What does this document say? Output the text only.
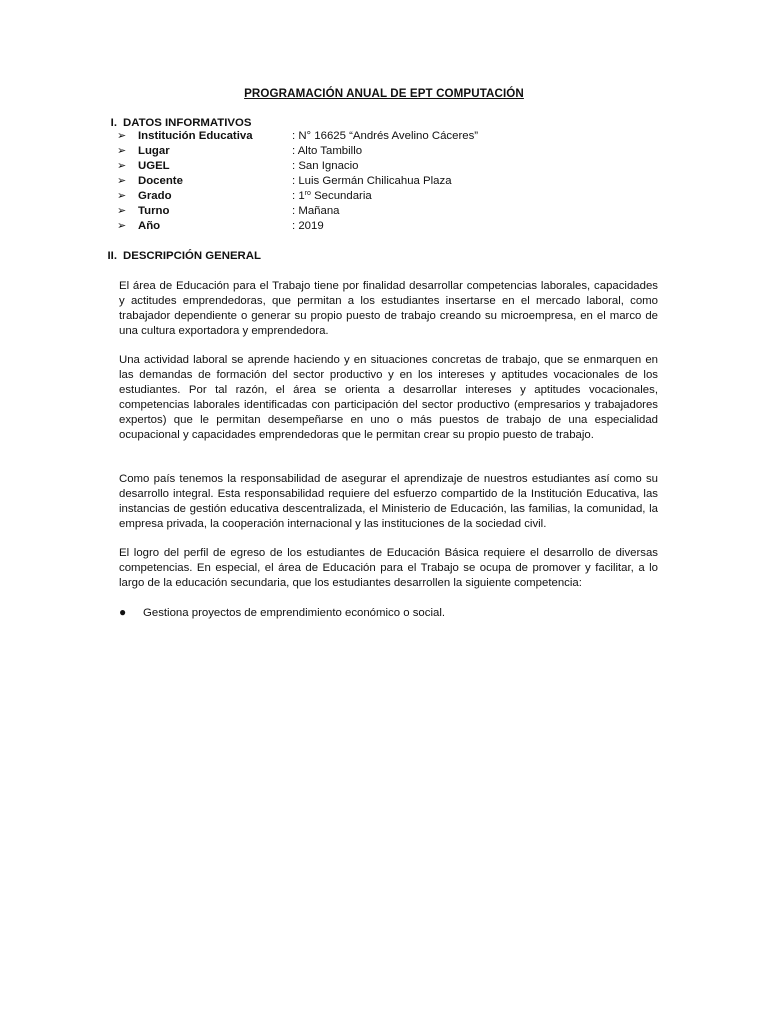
PROGRAMACIÓN ANUAL DE EPT COMPUTACIÓN
I. DATOS INFORMATIVOS
➢ Institución Educativa	: N° 16625 “Andrés Avelino Cáceres”
➢ Lugar	: Alto Tambillo
➢ UGEL	: San Ignacio
➢ Docente	: Luis Germán Chilicahua Plaza
➢ Grado	: $1^{ro}$ Secundaria
➢ Turno	: Mañana
➢ Año	: 2019
II. DESCRIPCIÓN GENERAL

El área de Educación para el Trabajo tiene por finalidad desarrollar competencias laborales, capacidades y actitudes emprendedoras, que permitan a los estudiantes insertarse en el mercado laboral, como trabajador dependiente o generar su propio puesto de trabajo creando su microempresa, en el marco de una cultura exportadora y emprendedora.

Una actividad laboral se aprende haciendo y en situaciones concretas de trabajo, que se enmarquen en las demandas de formación del sector productivo y en los intereses y aptitudes vocacionales de los estudiantes. Por tal razón, el área se orienta a desarrollar intereses y aptitudes vocacionales, competencias laborales identificadas con participación del sector productivo (empresarios y trabajadores expertos) que le permitan desempeñarse en uno o más puestos de trabajo de una especialidad ocupacional y capacidades emprendedoras que le permitan crear su propio puesto de trabajo.

Como país tenemos la responsabilidad de asegurar el aprendizaje de nuestros estudiantes así como su desarrollo integral. Esta responsabilidad requiere del esfuerzo compartido de la Institución Educativa, las instancias de gestión educativa descentralizada, el Ministerio de Educación, las familias, la comunidad, la empresa privada, la cooperación internacional y las instituciones de la sociedad civil.

El logro del perfil de egreso de los estudiantes de Educación Básica requiere el desarrollo de diversas competencias. En especial, el área de Educación para el Trabajo se ocupa de promover y facilitar, a lo largo de la educación secundaria, que los estudiantes desarrollen la siguiente competencia:

● Gestiona proyectos de emprendimiento económico o social.
